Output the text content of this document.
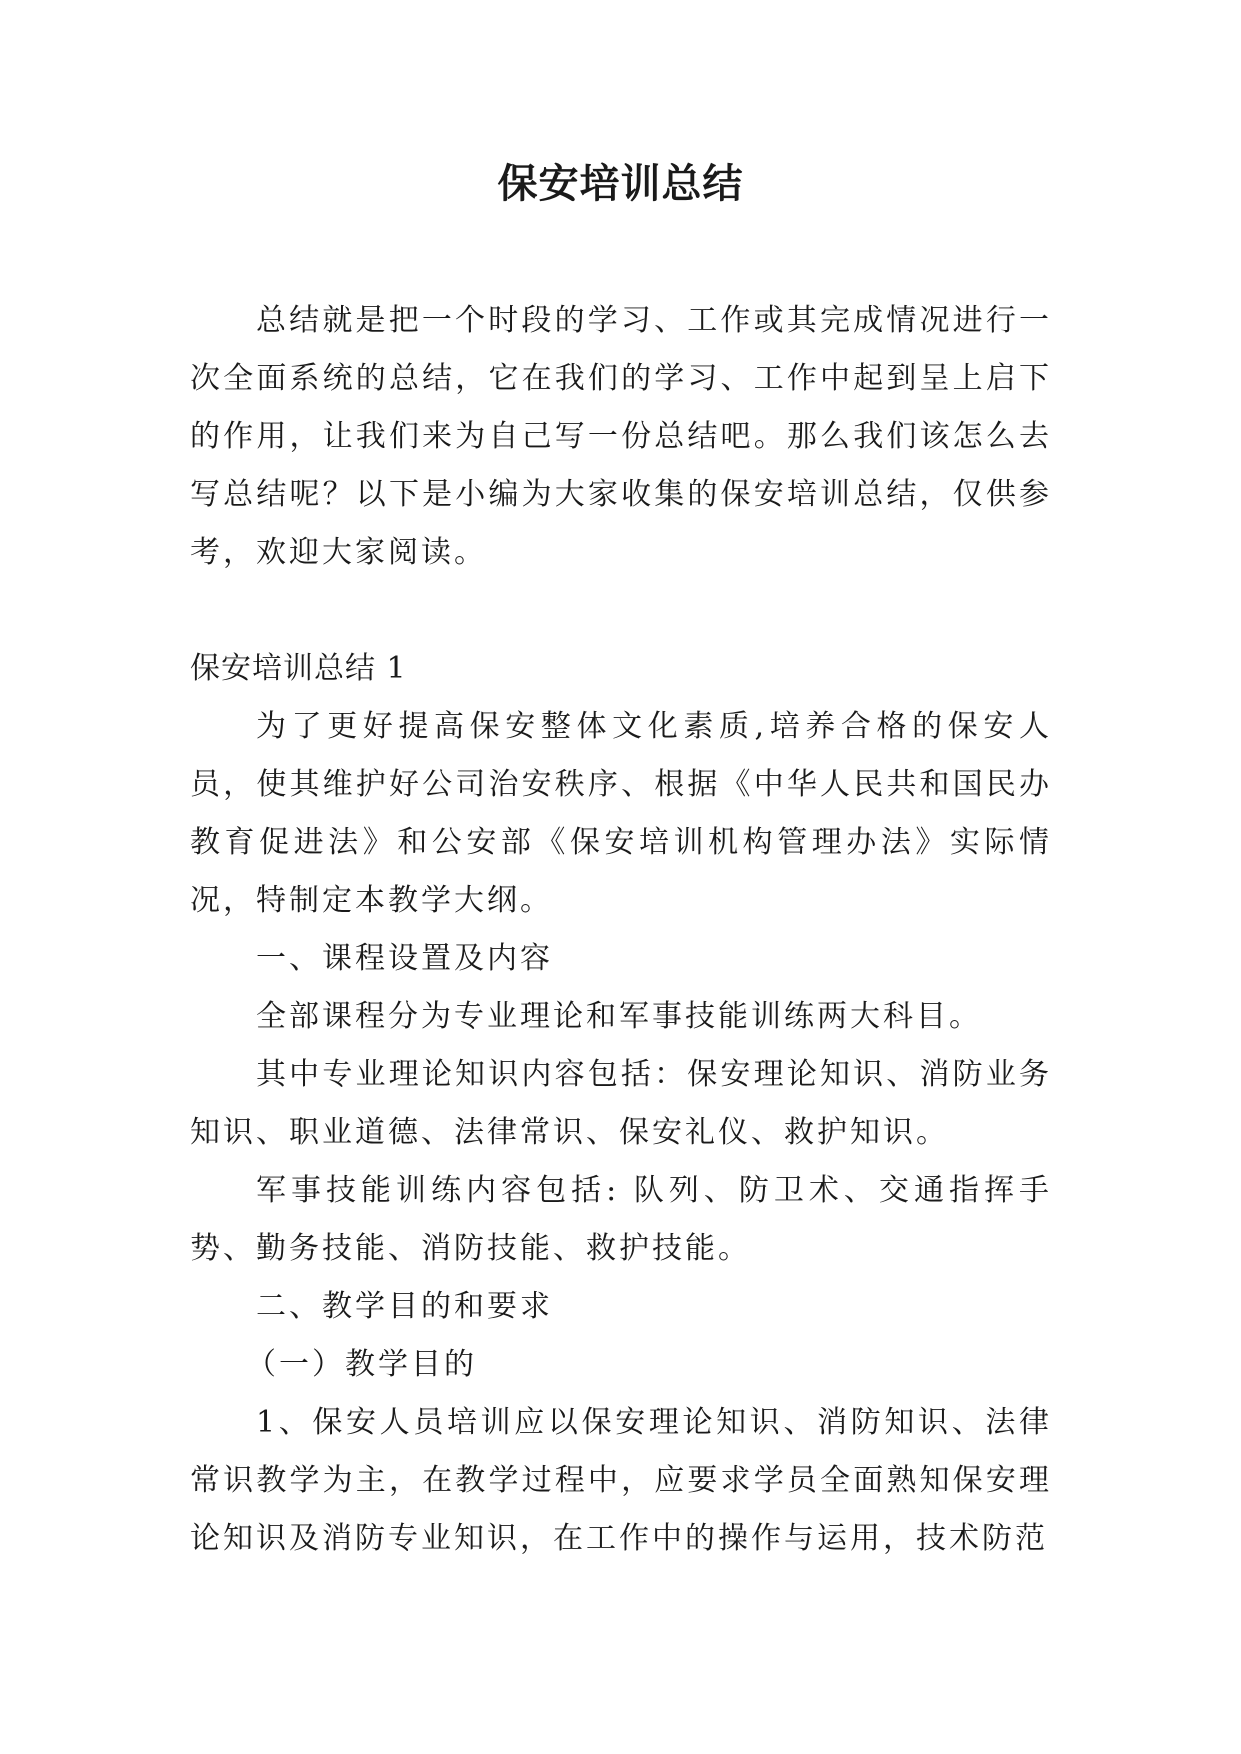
保安培训总结

总结就是把一个时段的学习、工作或其完成情况进行一次全面系统的总结，它在我们的学习、工作中起到呈上启下的作用，让我们来为自己写一份总结吧。那么我们该怎么去写总结呢？以下是小编为大家收集的保安培训总结，仅供参考，欢迎大家阅读。

保安培训总结 1

为了更好提高保安整体文化素质,培养合格的保安人员，使其维护好公司治安秩序、根据《中华人民共和国民办教育促进法》和公安部《保安培训机构管理办法》实际情况，特制定本教学大纲。

一、课程设置及内容

全部课程分为专业理论和军事技能训练两大科目。

其中专业理论知识内容包括：保安理论知识、消防业务知识、职业道德、法律常识、保安礼仪、救护知识。

军事技能训练内容包括: 队列、防卫术、交通指挥手势、勤务技能、消防技能、救护技能。

二、教学目的和要求

（一）教学目的

1、保安人员培训应以保安理论知识、消防知识、法律常识教学为主，在教学过程中，应要求学员全面熟知保安理论知识及消防专业知识，在工作中的操作与运用，技术防范
